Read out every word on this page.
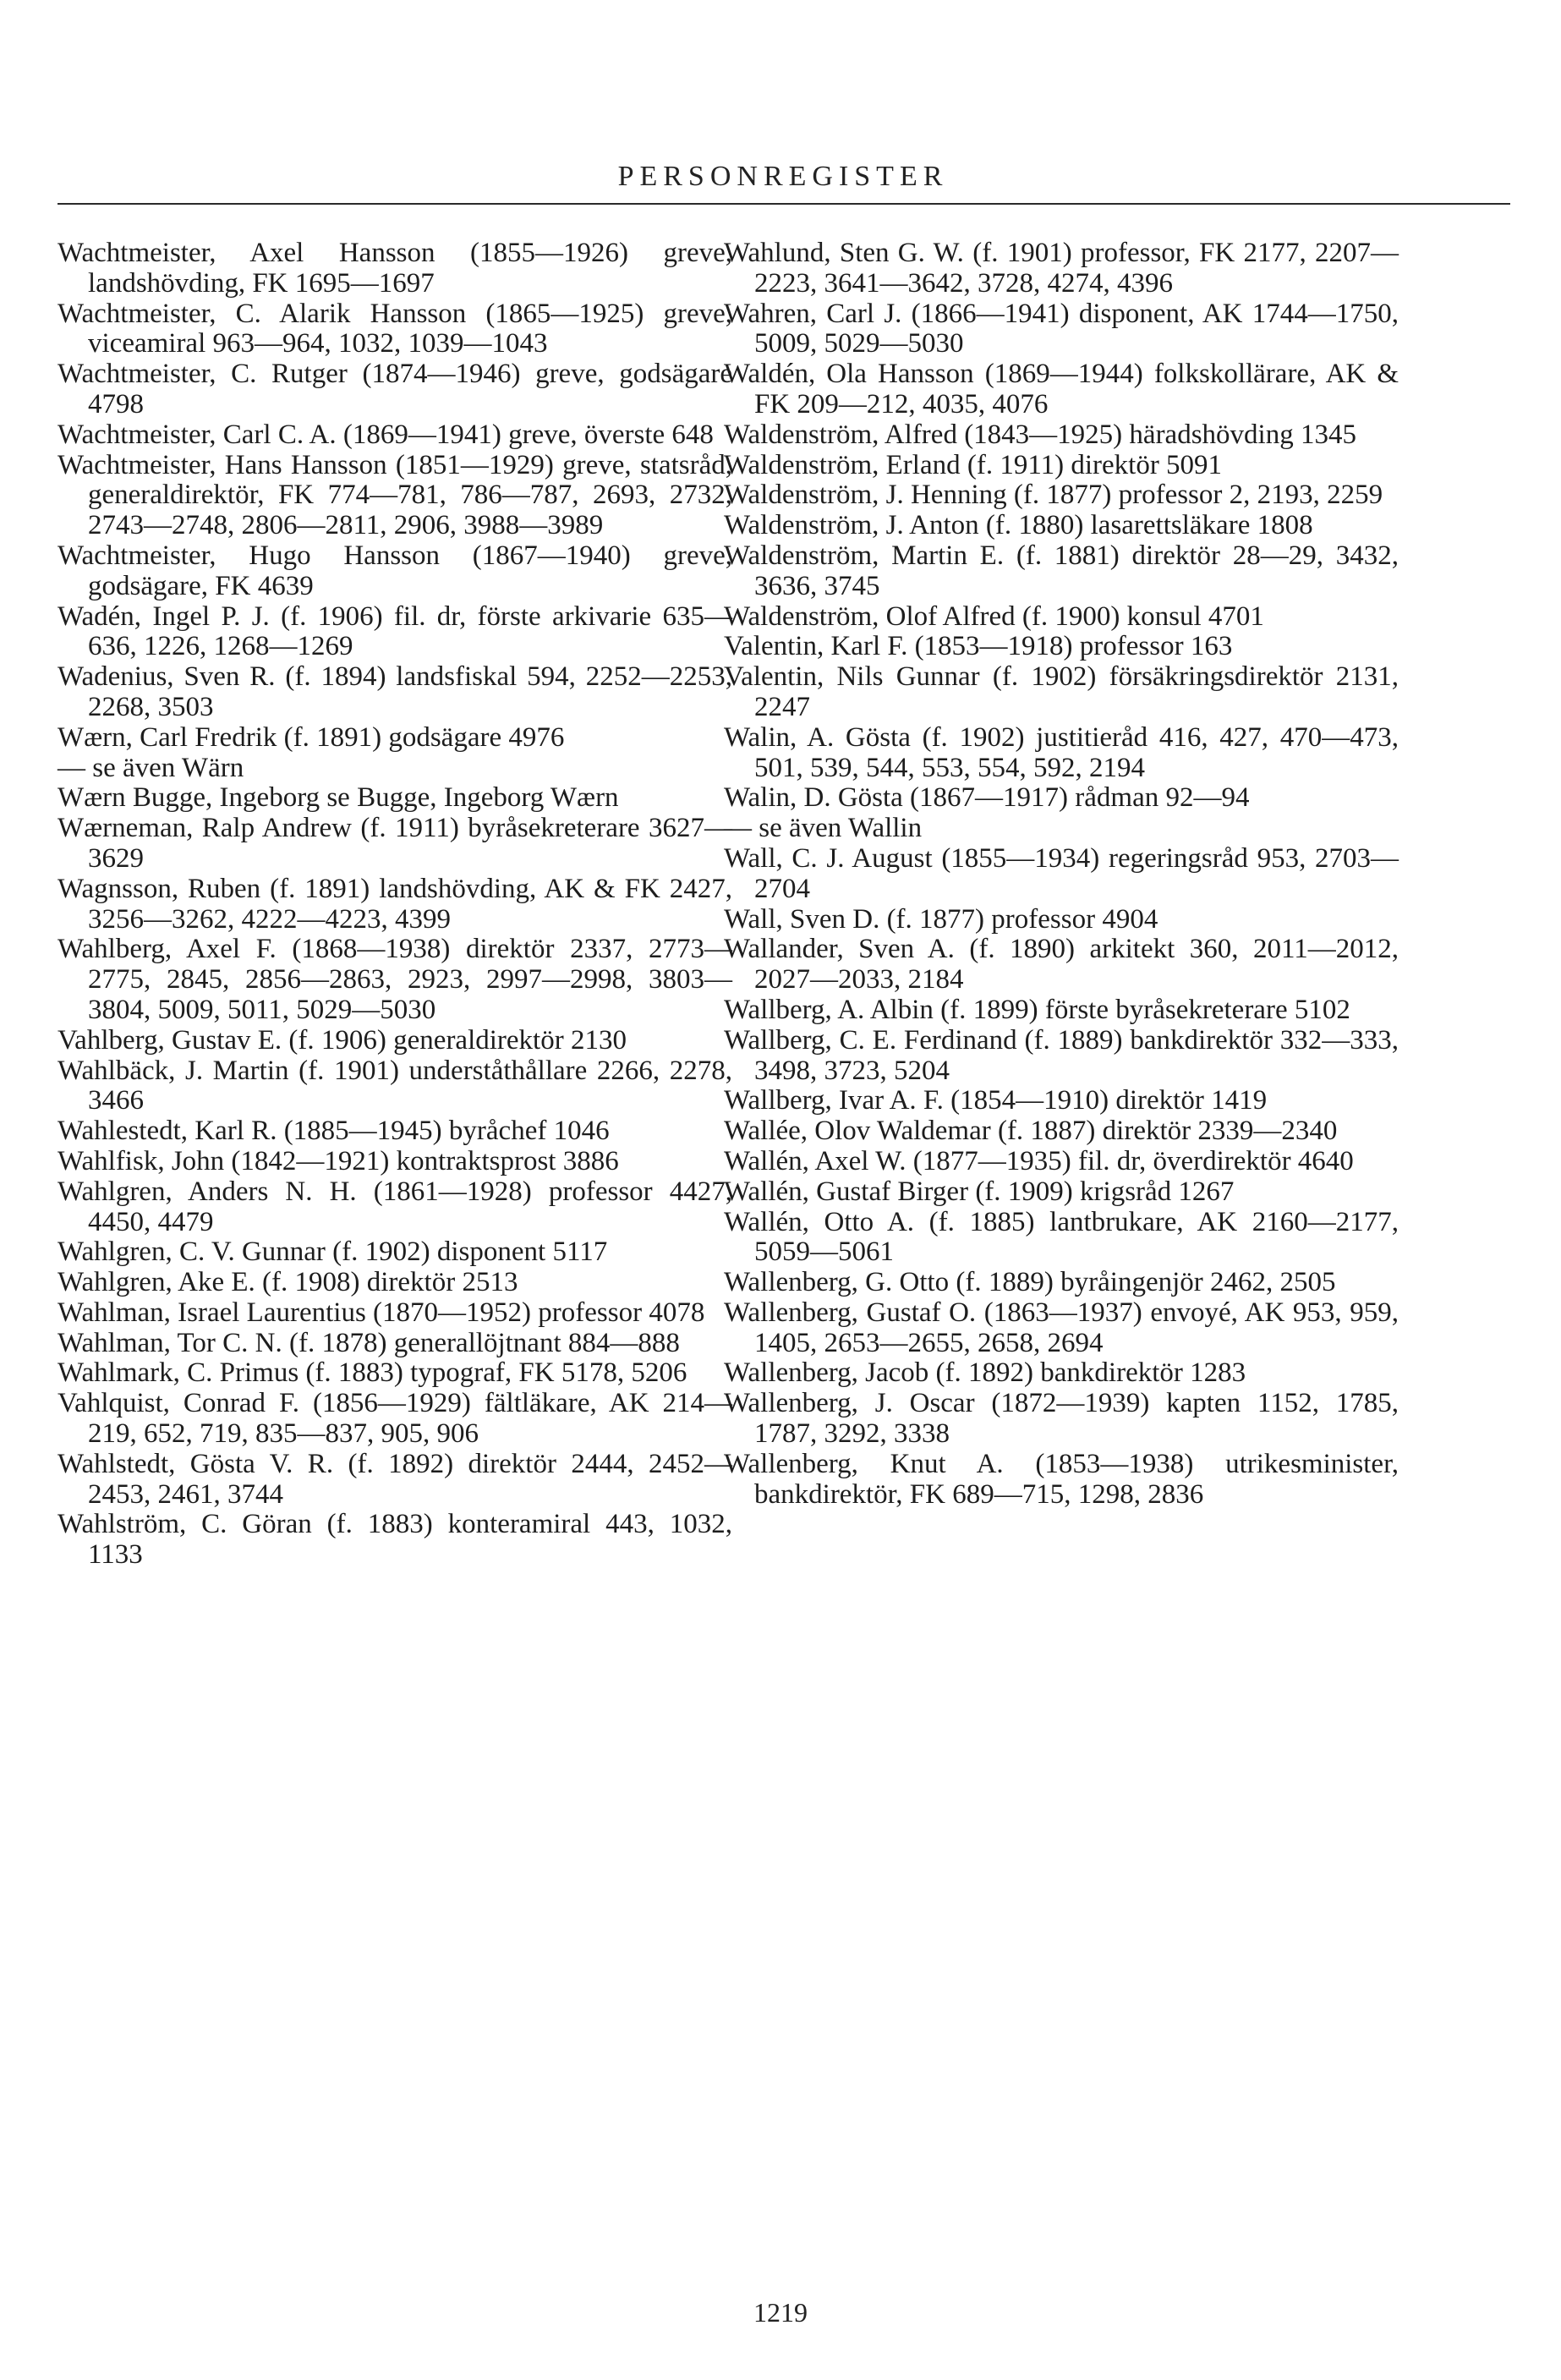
PERSONREGISTER
Wachtmeister, Axel Hansson (1855—1926) greve, landshövding, FK 1695—1697
Wachtmeister, C. Alarik Hansson (1865—1925) greve, viceamiral 963—964, 1032, 1039—1043
Wachtmeister, C. Rutger (1874—1946) greve, godsägare 4798
Wachtmeister, Carl C. A. (1869—1941) greve, överste 648
Wachtmeister, Hans Hansson (1851—1929) greve, statsråd, generaldirektör, FK 774—781, 786—787, 2693, 2732, 2743—2748, 2806—2811, 2906, 3988—3989
Wachtmeister, Hugo Hansson (1867—1940) greve, godsägare, FK 4639
Wadén, Ingel P. J. (f. 1906) fil. dr, förste arkivarie 635—636, 1226, 1268—1269
Wadenius, Sven R. (f. 1894) landsfiskal 594, 2252—2253, 2268, 3503
Wærn, Carl Fredrik (f. 1891) godsägare 4976
— se även Wärn
Wærn Bugge, Ingeborg se Bugge, Ingeborg Wærn
Wærneman, Ralp Andrew (f. 1911) byråsekreterare 3627—3629
Wagnsson, Ruben (f. 1891) landshövding, AK & FK 2427, 3256—3262, 4222—4223, 4399
Wahlberg, Axel F. (1868—1938) direktör 2337, 2773—2775, 2845, 2856—2863, 2923, 2997—2998, 3803—3804, 5009, 5011, 5029—5030
Vahlberg, Gustav E. (f. 1906) generaldirektör 2130
Wahlbäck, J. Martin (f. 1901) underståthållare 2266, 2278, 3466
Wahlestedt, Karl R. (1885—1945) byråchef 1046
Wahlfisk, John (1842—1921) kontraktsprost 3886
Wahlgren, Anders N. H. (1861—1928) professor 4427, 4450, 4479
Wahlgren, C. V. Gunnar (f. 1902) disponent 5117
Wahlgren, Ake E. (f. 1908) direktör 2513
Wahlman, Israel Laurentius (1870—1952) professor 4078
Wahlman, Tor C. N. (f. 1878) generallöjtnant 884—888
Wahlmark, C. Primus (f. 1883) typograf, FK 5178, 5206
Vahlquist, Conrad F. (1856—1929) fältläkare, AK 214—219, 652, 719, 835—837, 905, 906
Wahlstedt, Gösta V. R. (f. 1892) direktör 2444, 2452—2453, 2461, 3744
Wahlström, C. Göran (f. 1883) konteramiral 443, 1032, 1133
Wahlund, Sten G. W. (f. 1901) professor, FK 2177, 2207—2223, 3641—3642, 3728, 4274, 4396
Wahren, Carl J. (1866—1941) disponent, AK 1744—1750, 5009, 5029—5030
Waldén, Ola Hansson (1869—1944) folkskollärare, AK & FK 209—212, 4035, 4076
Waldenström, Alfred (1843—1925) häradshövding 1345
Waldenström, Erland (f. 1911) direktör 5091
Waldenström, J. Henning (f. 1877) professor 2, 2193, 2259
Waldenström, J. Anton (f. 1880) lasarettsläkare 1808
Waldenström, Martin E. (f. 1881) direktör 28—29, 3432, 3636, 3745
Waldenström, Olof Alfred (f. 1900) konsul 4701
Valentin, Karl F. (1853—1918) professor 163
Valentin, Nils Gunnar (f. 1902) försäkringsdirektör 2131, 2247
Walin, A. Gösta (f. 1902) justitieråd 416, 427, 470—473, 501, 539, 544, 553, 554, 592, 2194
Walin, D. Gösta (1867—1917) rådman 92—94
— se även Wallin
Wall, C. J. August (1855—1934) regeringsråd 953, 2703—2704
Wall, Sven D. (f. 1877) professor 4904
Wallander, Sven A. (f. 1890) arkitekt 360, 2011—2012, 2027—2033, 2184
Wallberg, A. Albin (f. 1899) förste byråsekreterare 5102
Wallberg, C. E. Ferdinand (f. 1889) bankdirektör 332—333, 3498, 3723, 5204
Wallberg, Ivar A. F. (1854—1910) direktör 1419
Wallée, Olov Waldemar (f. 1887) direktör 2339—2340
Wallén, Axel W. (1877—1935) fil. dr, överdirektör 4640
Wallén, Gustaf Birger (f. 1909) krigsråd 1267
Wallén, Otto A. (f. 1885) lantbrukare, AK 2160—2177, 5059—5061
Wallenberg, G. Otto (f. 1889) byråingenjör 2462, 2505
Wallenberg, Gustaf O. (1863—1937) envoyé, AK 953, 959, 1405, 2653—2655, 2658, 2694
Wallenberg, Jacob (f. 1892) bankdirektör 1283
Wallenberg, J. Oscar (1872—1939) kapten 1152, 1785, 1787, 3292, 3338
Wallenberg, Knut A. (1853—1938) utrikesminister, bankdirektör, FK 689—715, 1298, 2836
1219
